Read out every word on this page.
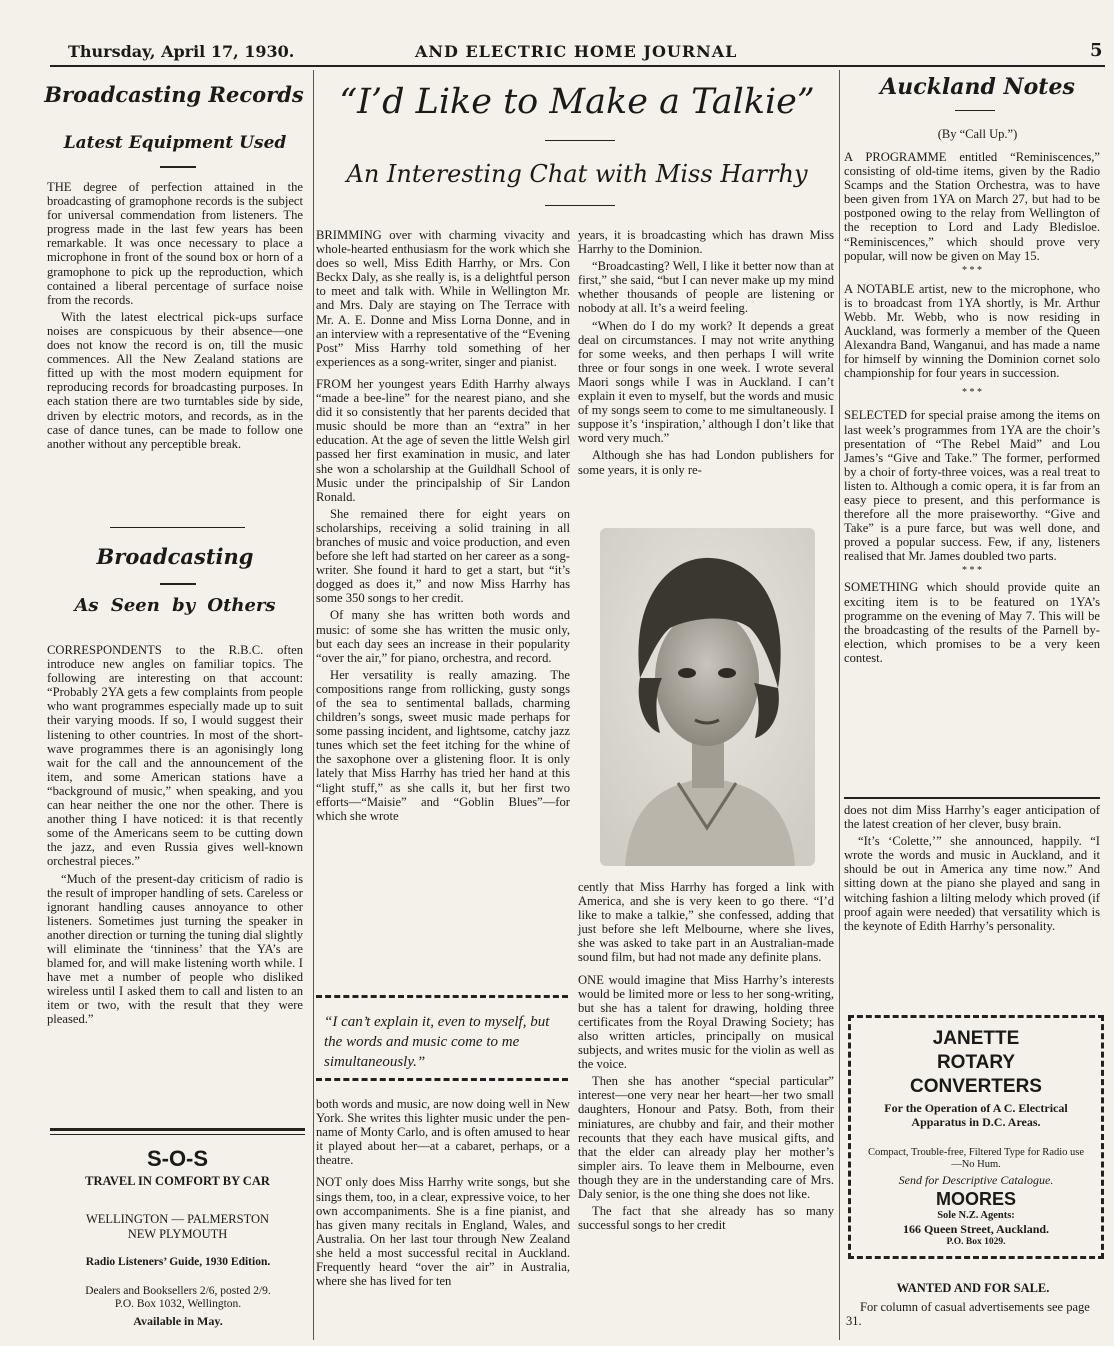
Thursday, April 17, 1930.	AND ELECTRIC HOME JOURNAL	5
Broadcasting Records
Latest Equipment Used

THE degree of perfection attained in the broadcasting of gramophone records is the subject for universal commendation from listeners. The progress made in the last few years has been remarkable. It was once necessary to place a microphone in front of the sound box or horn of a gramophone to pick up the reproduction, which contained a liberal percentage of surface noise from the records.

With the latest electrical pick-ups surface noises are conspicuous by their absence—one does not know the record is on, till the music commences. All the New Zealand stations are fitted up with the most modern equipment for reproducing records for broadcasting purposes. In each station there are two turntables side by side, driven by electric motors, and records, as in the case of dance tunes, can be made to follow one another without any perceptible break.

Broadcasting
As Seen by Others

CORRESPONDENTS to the R.B.C. often introduce new angles on familiar topics. The following are interesting on that account: “Probably 2YA gets a few complaints from people who want programmes especially made up to suit their varying moods. If so, I would suggest their listening to other countries. In most of the short-wave programmes there is an agonisingly long wait for the call and the announcement of the item, and some American stations have a “background of music,” when speaking, and you can hear neither the one nor the other. There is another thing I have noticed: it is that recently some of the Americans seem to be cutting down the jazz, and even Russia gives well-known orchestral pieces.”

“Much of the present-day criticism of radio is the result of improper handling of sets. Careless or ignorant handling causes annoyance to other listeners. Sometimes just turning the speaker in another direction or turning the tuning dial slightly will eliminate the ‘tinniness’ that the YA’s are blamed for, and will make listening worth while. I have met a number of people who disliked wireless until I asked them to call and listen to an item or two, with the result that they were pleased.”

S-O-S
TRAVEL IN COMFORT BY CAR
WELLINGTON — PALMERSTON
NEW PLYMOUTH
Radio Listeners’ Guide, 1930 Edition.
Dealers and Booksellers 2/6, posted 2/9.
P.O. Box 1032, Wellington.
Available in May.
“I’d Like to Make a Talkie”
An Interesting Chat with Miss Harrhy

BRIMMING over with charming vivacity and whole-hearted enthusiasm for the work which she does so well, Miss Edith Harrhy, or Mrs. Con Beckx Daly, as she really is, is a delightful person to meet and talk with. While in Wellington Mr. and Mrs. Daly are staying on The Terrace with Mr. A. E. Donne and Miss Lorna Donne, and in an interview with a representative of the “Evening Post” Miss Harrhy told something of her experiences as a song-writer, singer and pianist.

FROM her youngest years Edith Harrhy always “made a bee-line” for the nearest piano, and she did it so consistently that her parents decided that music should be more than an “extra” in her education. At the age of seven the little Welsh girl passed her first examination in music, and later she won a scholarship at the Guildhall School of Music under the principalship of Sir Landon Ronald.

She remained there for eight years on scholarships, receiving a solid training in all branches of music and voice production, and even before she left had started on her career as a song-writer. She found it hard to get a start, but “it’s dogged as does it,” and now Miss Harrhy has some 350 songs to her credit.

Of many she has written both words and music: of some she has written the music only, but each day sees an increase in their popularity “over the air,” for piano, orchestra, and record.

Her versatility is really amazing. The compositions range from rollicking, gusty songs of the sea to sentimental ballads, charming children’s songs, sweet music made perhaps for some passing incident, and lightsome, catchy jazz tunes which set the feet itching for the whine of the saxophone over a glistening floor. It is only lately that Miss Harrhy has tried her hand at this “light stuff,” as she calls it, but her first two efforts—“Maisie” and “Goblin Blues”—for which she wrote

“I can’t explain it, even to myself, but the words and music come to me simultaneously.”

both words and music, are now doing well in New York. She writes this lighter music under the pen-name of Monty Carlo, and is often amused to hear it played about her—at a cabaret, perhaps, or a theatre.

NOT only does Miss Harrhy write songs, but she sings them, too, in a clear, expressive voice, to her own accompaniments. She is a fine pianist, and has given many recitals in England, Wales, and Australia. On her last tour through New Zealand she held a most successful recital in Auckland. Frequently heard “over the air” in Australia, where she has lived for ten

years, it is broadcasting which has drawn Miss Harrhy to the Dominion.

“Broadcasting? Well, I like it better now than at first,” she said, “but I can never make up my mind whether thousands of people are listening or nobody at all. It’s a weird feeling.

“When do I do my work? It depends a great deal on circumstances. I may not write anything for some weeks, and then perhaps I will write three or four songs in one week. I wrote several Maori songs while I was in Auckland. I can’t explain it even to myself, but the words and music of my songs seem to come to me simultaneously. I suppose it’s ‘inspiration,’ although I don’t like that word very much.”

Although she has had London publishers for some years, it is only re-

cently that Miss Harrhy has forged a link with America, and she is very keen to go there. “I’d like to make a talkie,” she confessed, adding that just before she left Melbourne, where she lives, she was asked to take part in an Australian-made sound film, but had not made any definite plans.

ONE would imagine that Miss Harrhy’s interests would be limited more or less to her song-writing, but she has a talent for drawing, holding three certificates from the Royal Drawing Society; has also written articles, principally on musical subjects, and writes music for the violin as well as the voice.

Then she has another “special particular” interest—one very near her heart—her two small daughters, Honour and Patsy. Both, from their miniatures, are chubby and fair, and their mother recounts that they each have musical gifts, and that the elder can already play her mother’s simpler airs. To leave them in Melbourne, even though they are in the understanding care of Mrs. Daly senior, is the one thing she does not like.

The fact that she already has so many successful songs to her credit

Auckland Notes
(By “Call Up.”)

A PROGRAMME entitled “Reminiscences,” consisting of old-time items, given by the Radio Scamps and the Station Orchestra, was to have been given from 1YA on March 27, but had to be postponed owing to the relay from Wellington of the reception to Lord and Lady Bledisloe. “Reminiscences,” which should prove very popular, will now be given on May 15.

* * *

A NOTABLE artist, new to the microphone, who is to broadcast from 1YA shortly, is Mr. Arthur Webb. Mr. Webb, who is now residing in Auckland, was formerly a member of the Queen Alexandra Band, Wanganui, and has made a name for himself by winning the Dominion cornet solo championship for four years in succession.

* * *

SELECTED for special praise among the items on last week’s programmes from 1YA are the choir’s presentation of “The Rebel Maid” and Lou James’s “Give and Take.” The former, performed by a choir of forty-three voices, was a real treat to listen to. Although a comic opera, it is far from an easy piece to present, and this performance is therefore all the more praiseworthy. “Give and Take” is a pure farce, but was well done, and proved a popular success. Few, if any, listeners realised that Mr. James doubled two parts.

* * *

SOMETHING which should provide quite an exciting item is to be featured on 1YA’s programme on the evening of May 7. This will be the broadcasting of the results of the Parnell by-election, which promises to be a very keen contest.

does not dim Miss Harrhy’s eager anticipation of the latest creation of her clever, busy brain.

“It’s ‘Colette,’” she announced, happily. “I wrote the words and music in Auckland, and it should be out in America any time now.” And sitting down at the piano she played and sang in witching fashion a lilting melody which proved (if proof again were needed) that versatility which is the keynote of Edith Harrhy’s personality.

JANETTE
ROTARY
CONVERTERS
For the Operation of A C. Electrical Apparatus in D.C. Areas.
Compact, Trouble-free, Filtered Type for Radio use—No Hum.
Send for Descriptive Catalogue.
MOORES
Sole N.Z. Agents:
166 Queen Street, Auckland.
P.O. Box 1029.
WANTED AND FOR SALE.
For column of casual advertisements see page 31.
